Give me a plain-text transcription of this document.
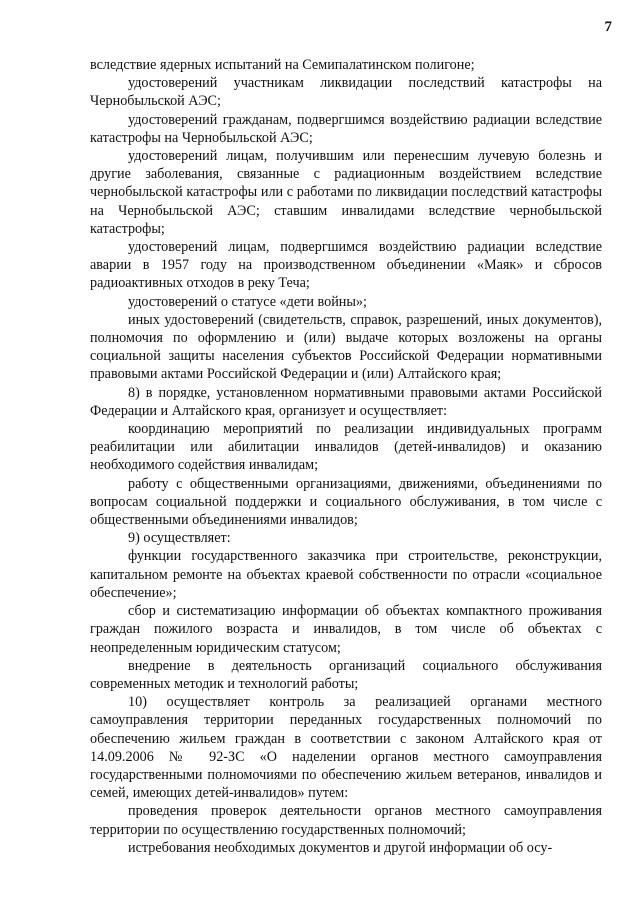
7

вследствие ядерных испытаний на Семипалатинском полигоне;

удостоверений участникам ликвидации последствий катастрофы на Чернобыльской АЭС;

удостоверений гражданам, подвергшимся воздействию радиации вследствие катастрофы на Чернобыльской АЭС;

удостоверений лицам, получившим или перенесшим лучевую болезнь и другие заболевания, связанные с радиационным воздействием вследствие чернобыльской катастрофы или с работами по ликвидации последствий катастрофы на Чернобыльской АЭС; ставшим инвалидами вследствие чернобыльской катастрофы;

удостоверений лицам, подвергшимся воздействию радиации вследствие аварии в 1957 году на производственном объединении «Маяк» и сбросов радиоактивных отходов в реку Теча;

удостоверений о статусе «дети войны»;

иных удостоверений (свидетельств, справок, разрешений, иных документов), полномочия по оформлению и (или) выдаче которых возложены на органы социальной защиты населения субъектов Российской Федерации нормативными правовыми актами Российской Федерации и (или) Алтайского края;

8) в порядке, установленном нормативными правовыми актами Российской Федерации и Алтайского края, организует и осуществляет:

координацию мероприятий по реализации индивидуальных программ реабилитации или абилитации инвалидов (детей-инвалидов) и оказанию необходимого содействия инвалидам;

работу с общественными организациями, движениями, объединениями по вопросам социальной поддержки и социального обслуживания, в том числе с общественными объединениями инвалидов;

9) осуществляет:

функции государственного заказчика при строительстве, реконструкции, капитальном ремонте на объектах краевой собственности по отрасли «социальное обеспечение»;

сбор и систематизацию информации об объектах компактного проживания граждан пожилого возраста и инвалидов, в том числе об объектах с неопределенным юридическим статусом;

внедрение в деятельность организаций социального обслуживания современных методик и технологий работы;

10) осуществляет контроль за реализацией органами местного самоуправления территории переданных государственных полномочий по обеспечению жильем граждан в соответствии с законом Алтайского края от 14.09.2006 № 92-ЗС «О наделении органов местного самоуправления государственными полномочиями по обеспечению жильем ветеранов, инвалидов и семей, имеющих детей-инвалидов» путем:

проведения проверок деятельности органов местного самоуправления территории по осуществлению государственных полномочий;

истребования необходимых документов и другой информации об осу-
